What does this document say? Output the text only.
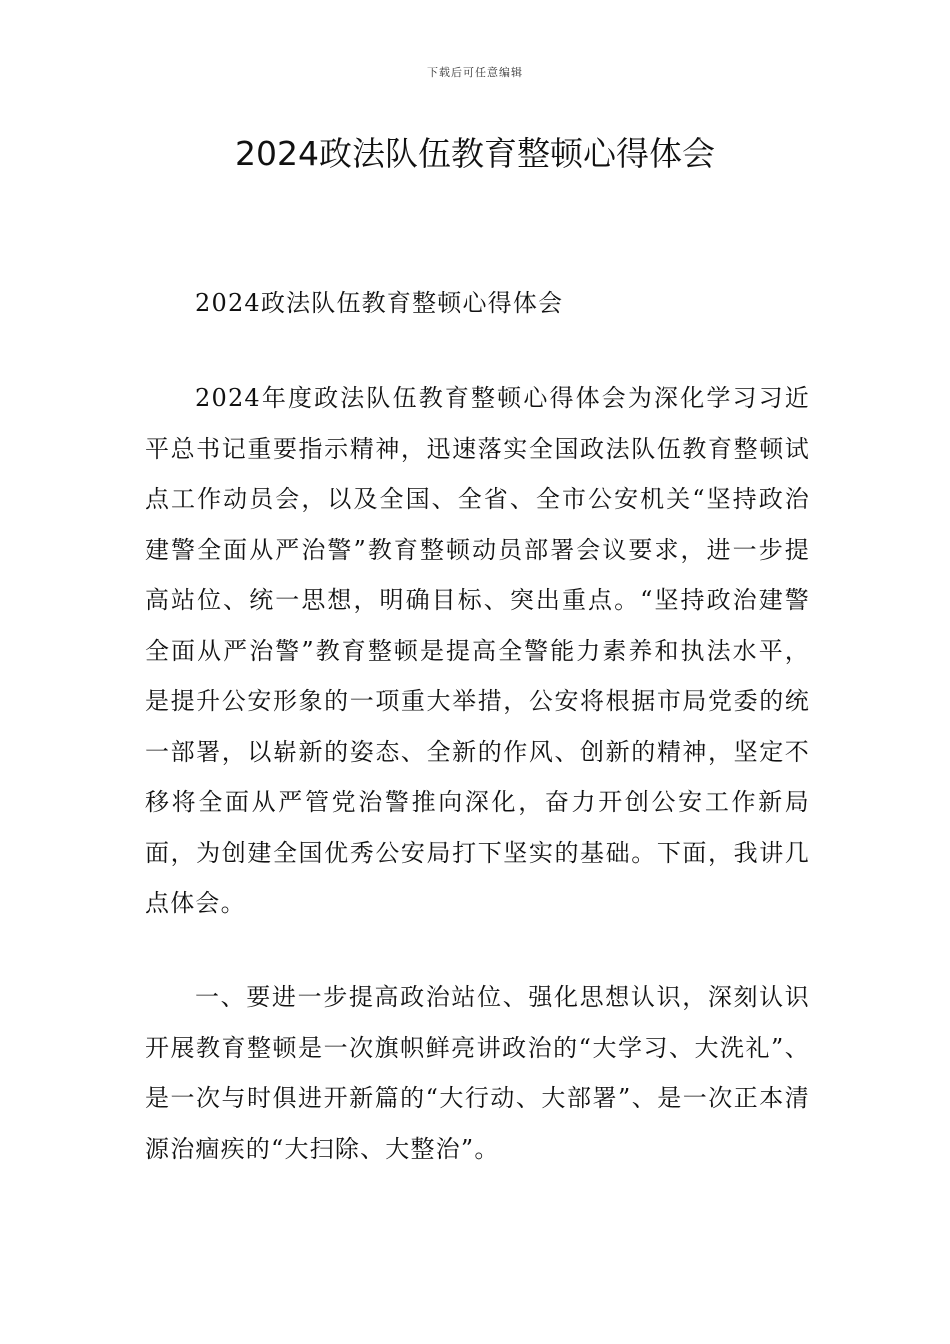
下载后可任意编辑
2024政法队伍教育整顿心得体会

2024政法队伍教育整顿心得体会

2024年度政法队伍教育整顿心得体会为深化学习习近平总书记重要指示精神，迅速落实全国政法队伍教育整顿试点工作动员会，以及全国、全省、全市公安机关“坚持政治建警全面从严治警”教育整顿动员部署会议要求，进一步提高站位、统一思想，明确目标、突出重点。“坚持政治建警全面从严治警”教育整顿是提高全警能力素养和执法水平，是提升公安形象的一项重大举措，公安将根据市局党委的统一部署，以崭新的姿态、全新的作风、创新的精神，坚定不移将全面从严管党治警推向深化，奋力开创公安工作新局面，为创建全国优秀公安局打下坚实的基础。下面，我讲几点体会。

一、要进一步提高政治站位、强化思想认识，深刻认识开展教育整顿是一次旗帜鲜亮讲政治的“大学习、大洗礼”、是一次与时俱进开新篇的“大行动、大部署”、是一次正本清源治痼疾的“大扫除、大整治”。
